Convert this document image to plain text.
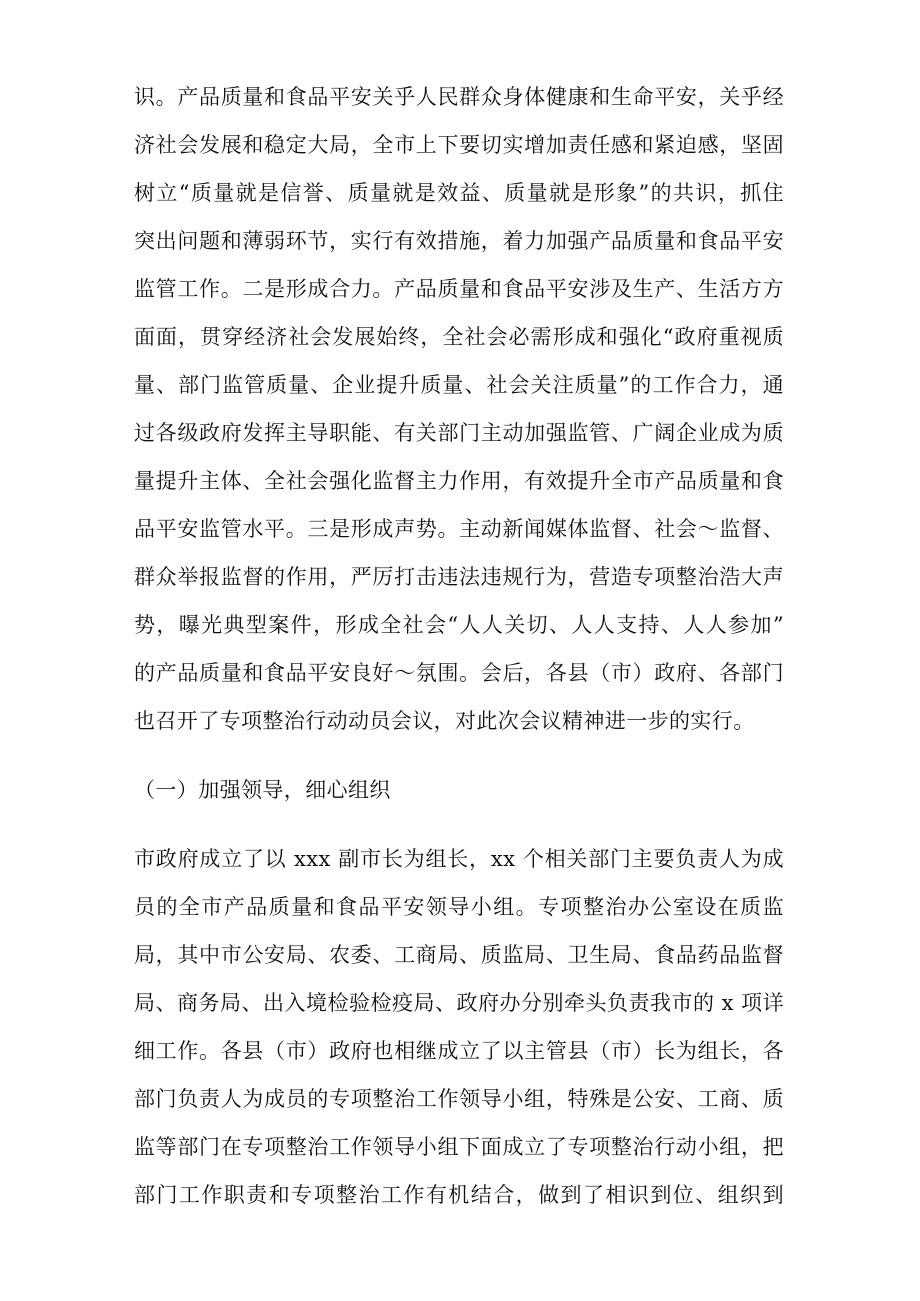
识。产品质量和食品平安关乎人民群众身体健康和生命平安，关乎经
济社会发展和稳定大局，全市上下要切实增加责任感和紧迫感，坚固
树立“质量就是信誉、质量就是效益、质量就是形象”的共识，抓住
突出问题和薄弱环节，实行有效措施，着力加强产品质量和食品平安
监管工作。二是形成合力。产品质量和食品平安涉及生产、生活方方
面面，贯穿经济社会发展始终，全社会必需形成和强化“政府重视质
量、部门监管质量、企业提升质量、社会关注质量”的工作合力，通
过各级政府发挥主导职能、有关部门主动加强监管、广阔企业成为质
量提升主体、全社会强化监督主力作用，有效提升全市产品质量和食
品平安监管水平。三是形成声势。主动新闻媒体监督、社会～监督、
群众举报监督的作用，严厉打击违法违规行为，营造专项整治浩大声
势，曝光典型案件，形成全社会“人人关切、人人支持、人人参加”
的产品质量和食品平安良好～氛围。会后，各县（市）政府、各部门
也召开了专项整治行动动员会议，对此次会议精神进一步的实行。
（一）加强领导，细心组织
市政府成立了以 xxx 副市长为组长，xx 个相关部门主要负责人为成
员的全市产品质量和食品平安领导小组。专项整治办公室设在质监
局，其中市公安局、农委、工商局、质监局、卫生局、食品药品监督
局、商务局、出入境检验检疫局、政府办分别牵头负责我市的 x 项详
细工作。各县（市）政府也相继成立了以主管县（市）长为组长，各
部门负责人为成员的专项整治工作领导小组，特殊是公安、工商、质
监等部门在专项整治工作领导小组下面成立了专项整治行动小组，把
部门工作职责和专项整治工作有机结合，做到了相识到位、组织到
